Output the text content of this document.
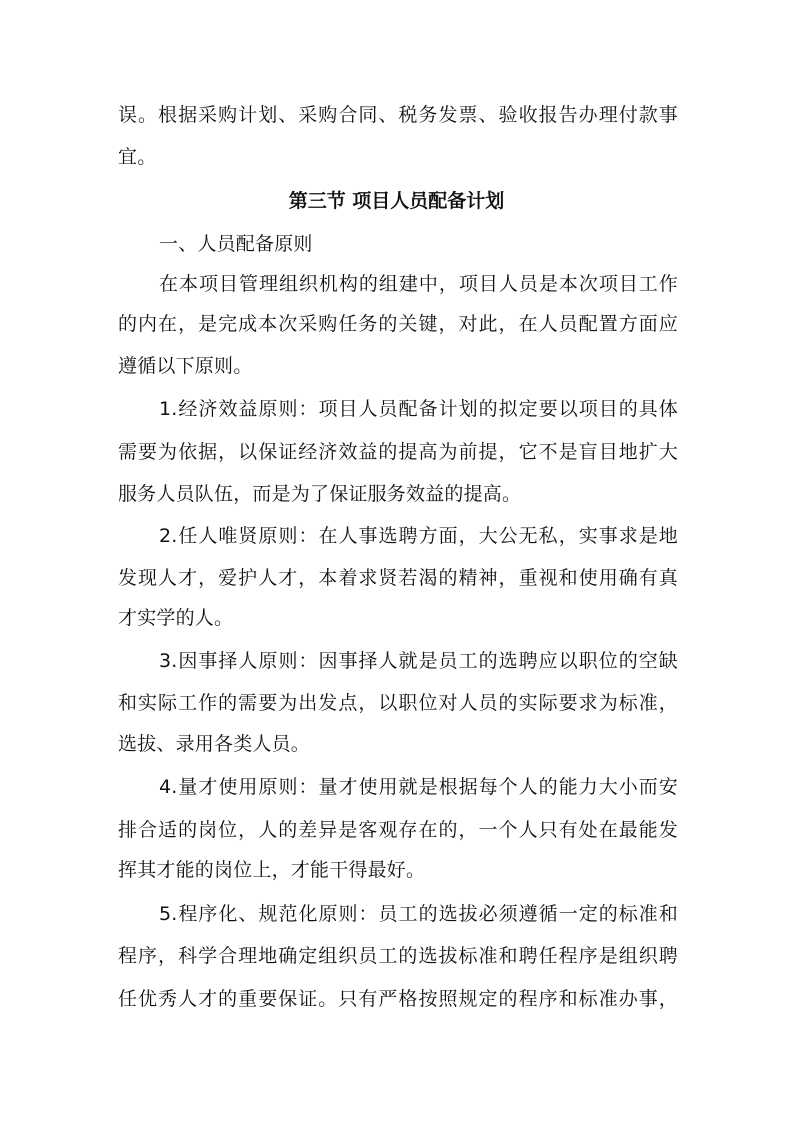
误。根据采购计划、采购合同、税务发票、验收报告办理付款事
宜。
第三节 项目人员配备计划
一、人员配备原则
在本项目管理组织机构的组建中，项目人员是本次项目工作
的内在，是完成本次采购任务的关键，对此，在人员配置方面应
遵循以下原则。
1.经济效益原则：项目人员配备计划的拟定要以项目的具体
需要为依据，以保证经济效益的提高为前提，它不是盲目地扩大
服务人员队伍，而是为了保证服务效益的提高。
2.任人唯贤原则：在人事选聘方面，大公无私，实事求是地
发现人才，爱护人才，本着求贤若渴的精神，重视和使用确有真
才实学的人。
3.因事择人原则：因事择人就是员工的选聘应以职位的空缺
和实际工作的需要为出发点，以职位对人员的实际要求为标准，
选拔、录用各类人员。
4.量才使用原则：量才使用就是根据每个人的能力大小而安
排合适的岗位，人的差异是客观存在的，一个人只有处在最能发
挥其才能的岗位上，才能干得最好。
5.程序化、规范化原则：员工的选拔必须遵循一定的标准和
程序，科学合理地确定组织员工的选拔标准和聘任程序是组织聘
任优秀人才的重要保证。只有严格按照规定的程序和标准办事，
